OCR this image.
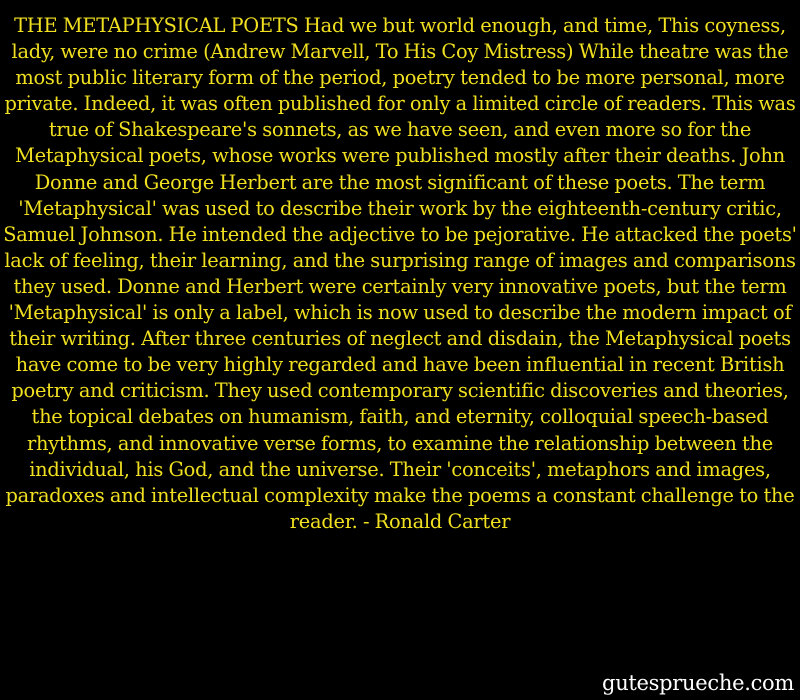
THE METAPHYSICAL POETS Had we but world enough, and time, This coyness, lady, were no crime (Andrew Marvell, To His Coy Mistress) While theatre was the most public literary form of the period, poetry tended to be more personal, more private. Indeed, it was often published for only a limited circle of readers. This was true of Shakespeare's sonnets, as we have seen, and even more so for the Metaphysical poets, whose works were published mostly after their deaths. John Donne and George Herbert are the most significant of these poets. The term 'Metaphysical' was used to describe their work by the eighteenth-century critic, Samuel Johnson. He intended the adjective to be pejorative. He attacked the poets' lack of feeling, their learning, and the surprising range of images and comparisons they used. Donne and Herbert were certainly very innovative poets, but the term 'Metaphysical' is only a label, which is now used to describe the modern impact of their writing. After three centuries of neglect and disdain, the Metaphysical poets have come to be very highly regarded and have been influential in recent British poetry and criticism. They used contemporary scientific discoveries and theories, the topical debates on humanism, faith, and eternity, colloquial speech-based rhythms, and innovative verse forms, to examine the relationship between the individual, his God, and the universe. Their 'conceits', metaphors and images, paradoxes and intellectual complexity make the poems a constant challenge to the reader. - Ronald Carter
gutesprueche.com
